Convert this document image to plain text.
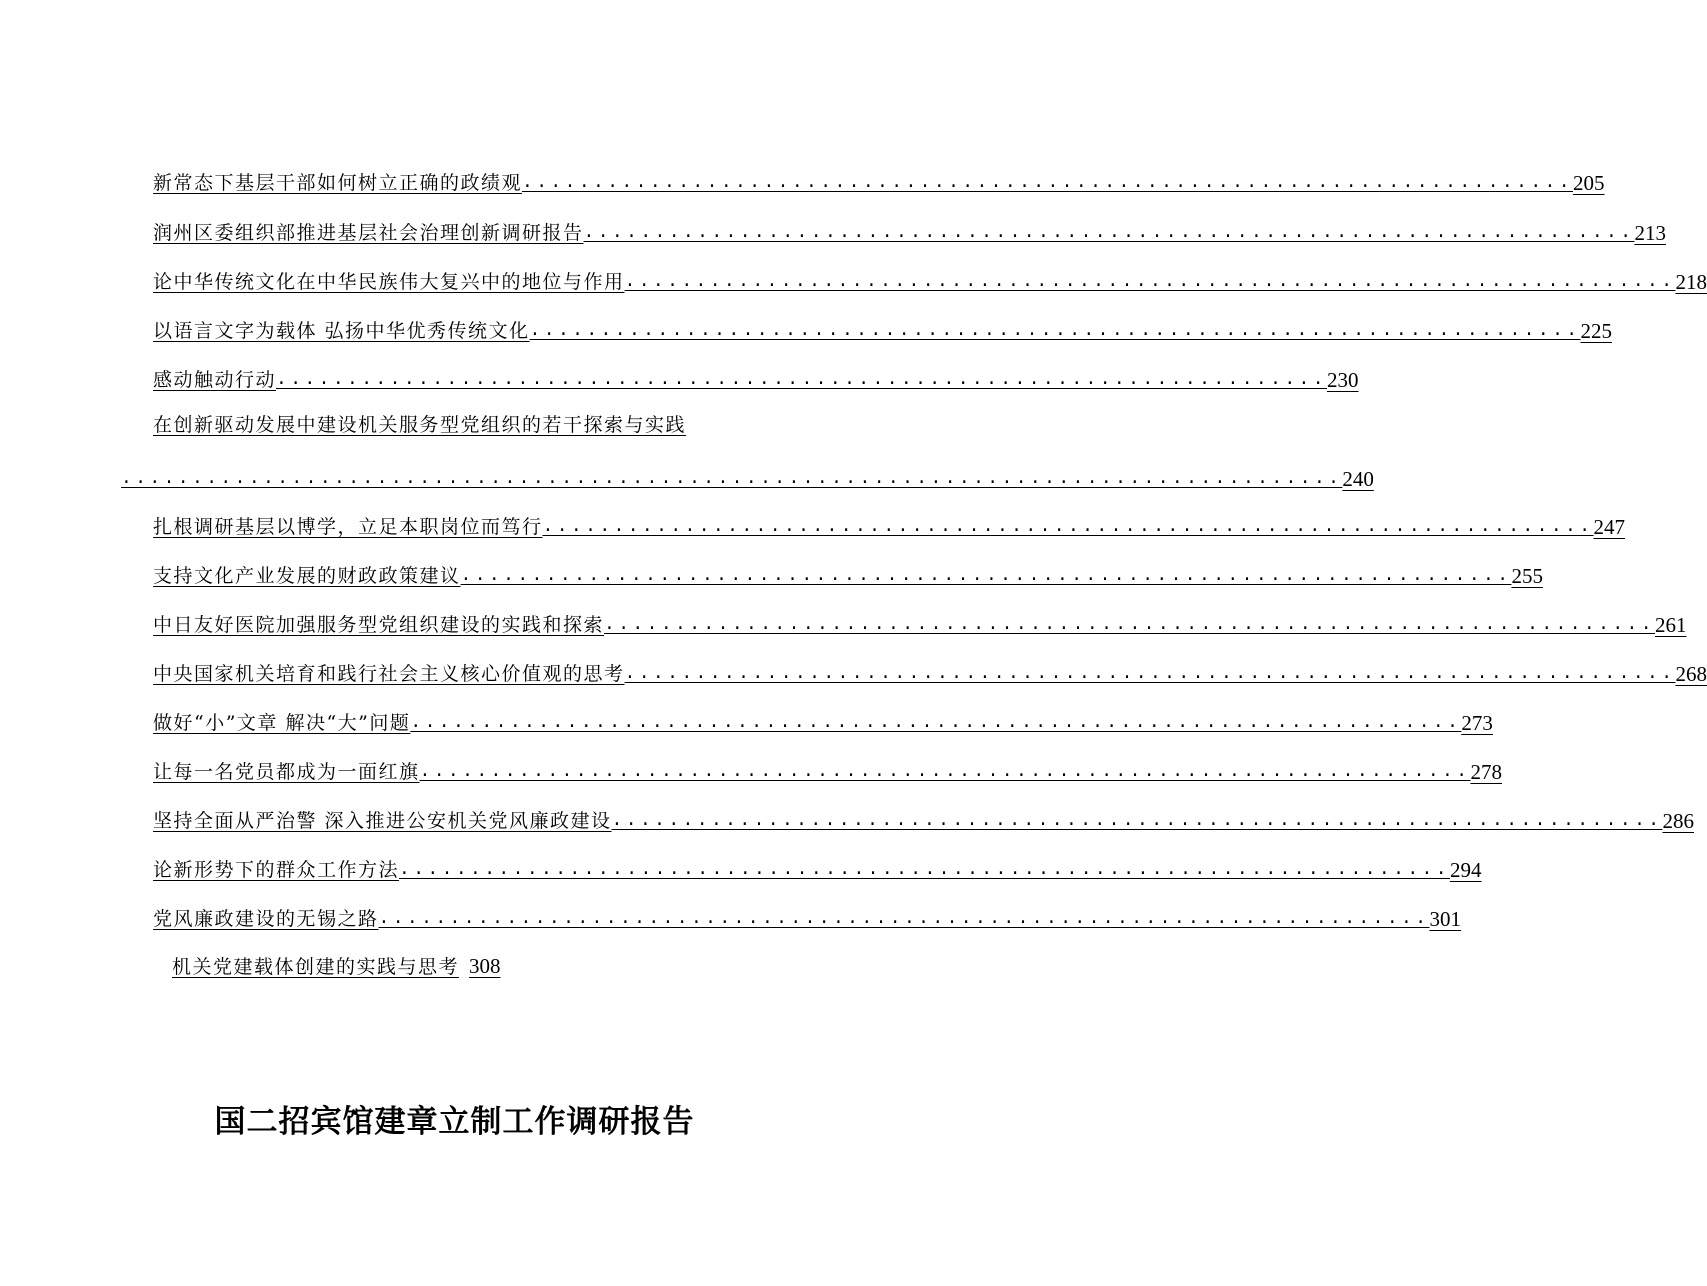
新常态下基层干部如何树立正确的政绩观 .......................................................................... 205
润州区委组织部推进基层社会治理创新调研报告 .......................................................................... 213
论中华传统文化在中华民族伟大复兴中的地位与作用 .......................................................................... 218
以语言文字为载体 弘扬中华优秀传统文化 .......................................................................... 225
感动触动行动 .......................................................................... 230
在创新驱动发展中建设机关服务型党组织的若干探索与实践
...................................................................................... 240
扎根调研基层以博学，立足本职岗位而笃行 .......................................................................... 247
支持文化产业发展的财政政策建议 .......................................................................... 255
中日友好医院加强服务型党组织建设的实践和探索 .......................................................................... 261
中央国家机关培育和践行社会主义核心价值观的思考 .......................................................................... 268
做好“小”文章 解决“大”问题 .......................................................................... 273
让每一名党员都成为一面红旗 .......................................................................... 278
坚持全面从严治警 深入推进公安机关党风廉政建设 .......................................................................... 286
论新形势下的群众工作方法 .......................................................................... 294
党风廉政建设的无锡之路 .......................................................................... 301
机关党建载体创建的实践与思考 308
国二招宾馆建章立制工作调研报告
